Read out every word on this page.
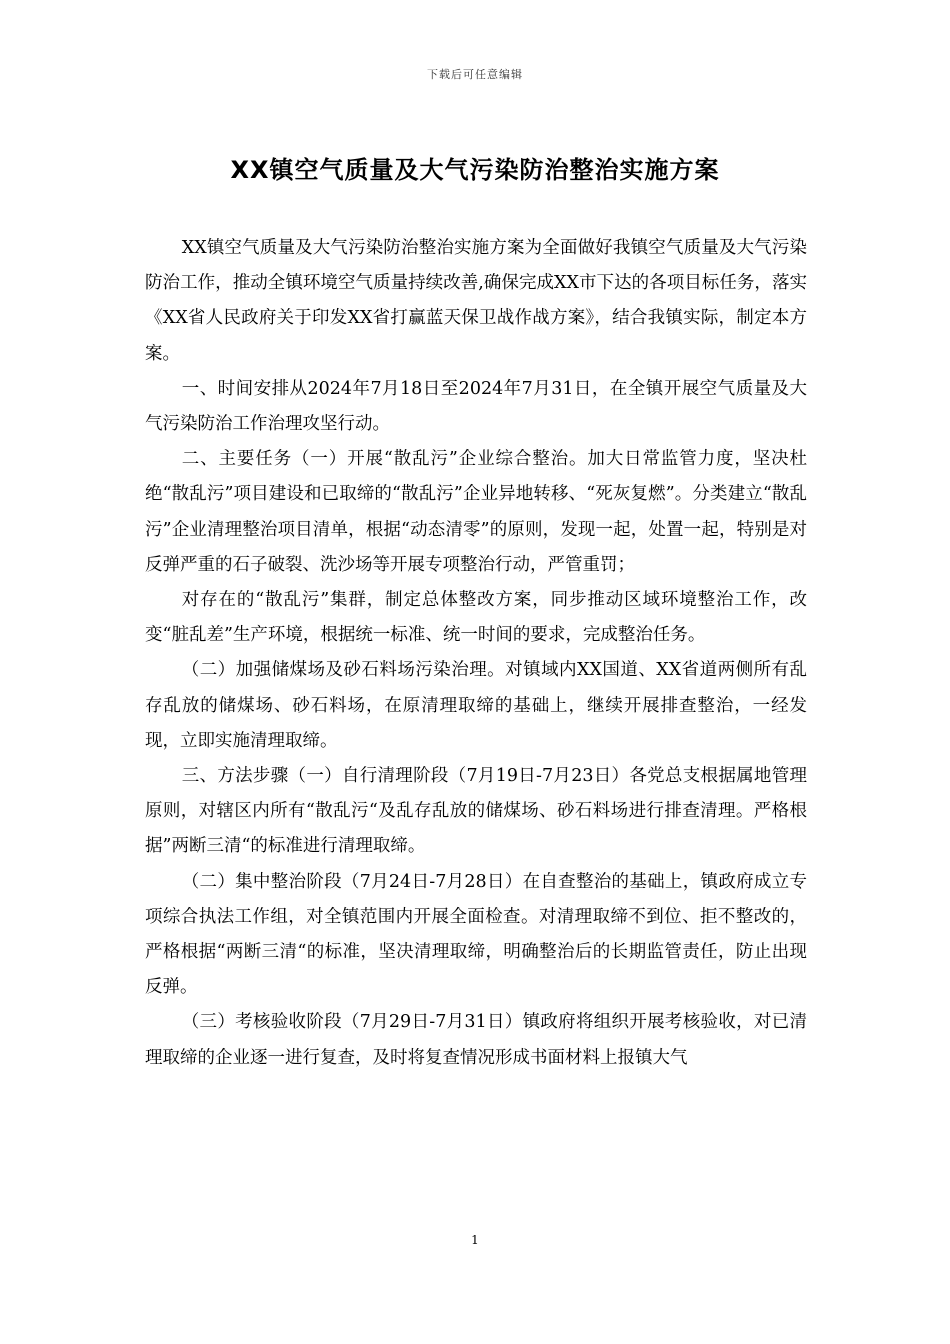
下载后可任意编辑
XX镇空气质量及大气污染防治整治实施方案

XX镇空气质量及大气污染防治整治实施方案为全面做好我镇空气质量及大气污染防治工作，推动全镇环境空气质量持续改善,确保完成XX市下达的各项目标任务，落实《XX省人民政府关于印发XX省打赢蓝天保卫战作战方案》，结合我镇实际，制定本方案。

一、时间安排从2024年7月18日至2024年7月31日，在全镇开展空气质量及大气污染防治工作治理攻坚行动。

二、主要任务（一）开展“散乱污”企业综合整治。加大日常监管力度，坚决杜绝“散乱污”项目建设和已取缔的“散乱污”企业异地转移、“死灰复燃”。分类建立“散乱污”企业清理整治项目清单，根据“动态清零”的原则，发现一起，处置一起，特别是对反弹严重的石子破裂、洗沙场等开展专项整治行动，严管重罚；

对存在的“散乱污”集群，制定总体整改方案，同步推动区域环境整治工作，改变“脏乱差”生产环境，根据统一标准、统一时间的要求，完成整治任务。

（二）加强储煤场及砂石料场污染治理。对镇域内XX国道、XX省道两侧所有乱存乱放的储煤场、砂石料场，在原清理取缔的基础上，继续开展排查整治，一经发现，立即实施清理取缔。

三、方法步骤（一）自行清理阶段（7月19日-7月23日）各党总支根据属地管理原则，对辖区内所有“散乱污“及乱存乱放的储煤场、砂石料场进行排查清理。严格根据”两断三清“的标准进行清理取缔。

（二）集中整治阶段（7月24日-7月28日）在自查整治的基础上，镇政府成立专项综合执法工作组，对全镇范围内开展全面检查。对清理取缔不到位、拒不整改的，严格根据“两断三清“的标准，坚决清理取缔，明确整治后的长期监管责任，防止出现反弹。

（三）考核验收阶段（7月29日-7月31日）镇政府将组织开展考核验收，对已清理取缔的企业逐一进行复查，及时将复查情况形成书面材料上报镇大气

1
